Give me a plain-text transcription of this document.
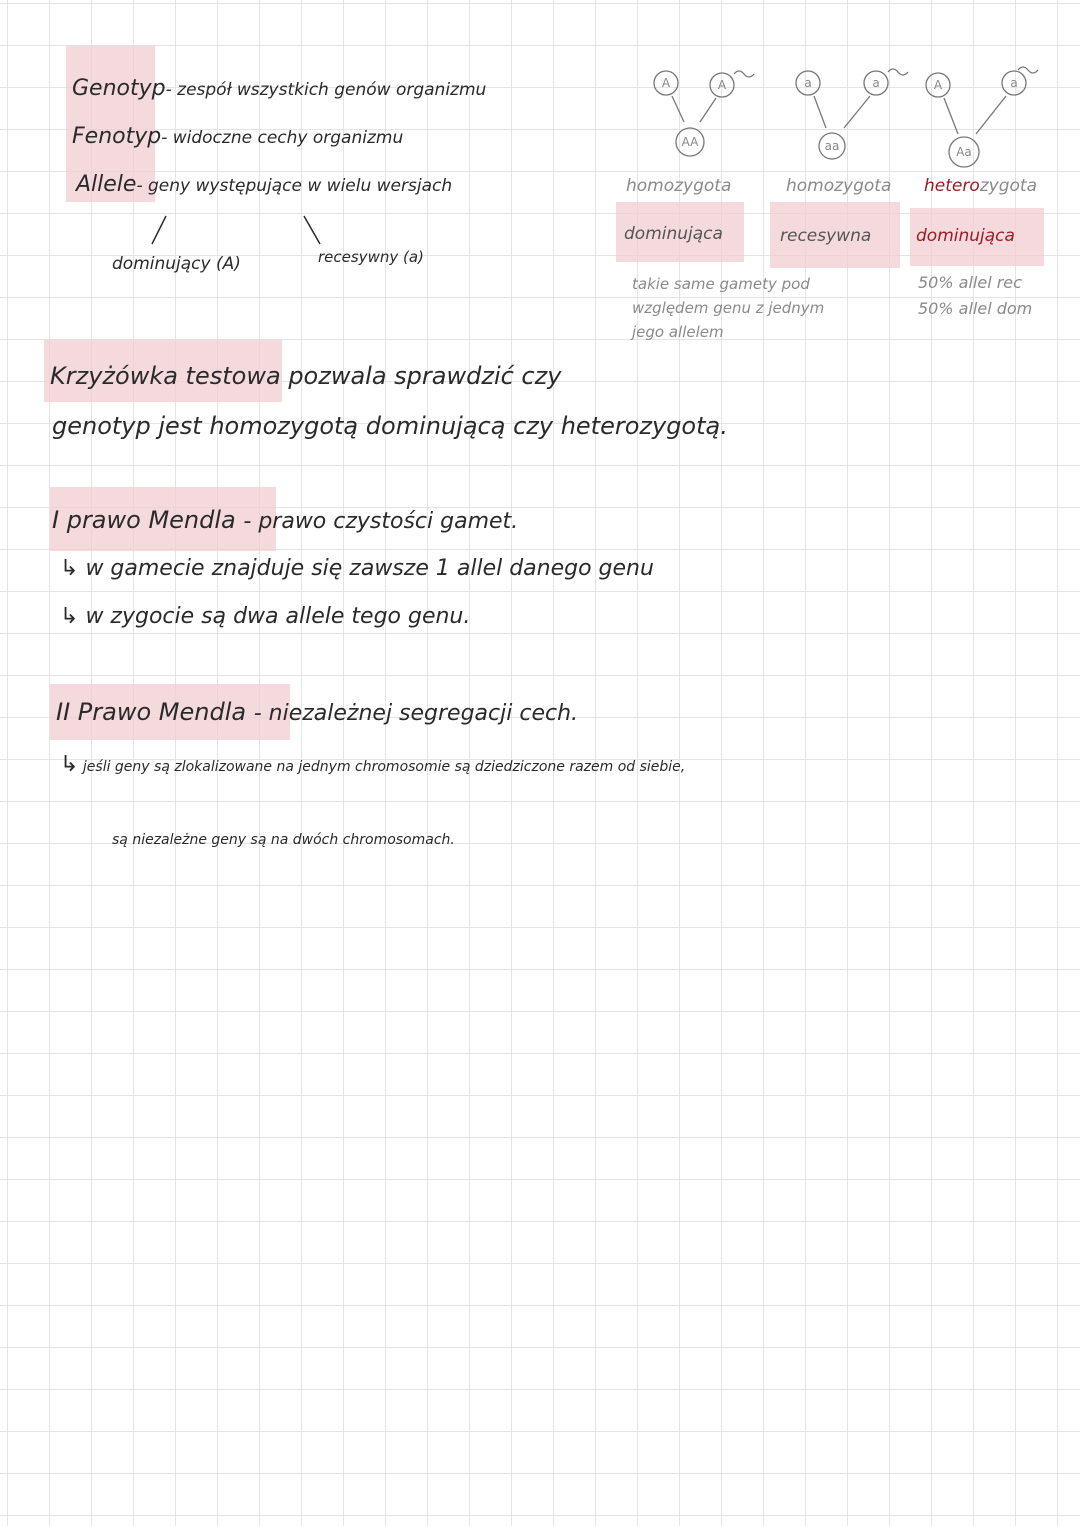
Genotyp- zespół wszystkich genów organizmu
Fenotyp- widoczne cechy organizmu
Allele- geny występujące w wielu wersjach
dominujący (A)	recesywny (a)
A	A
AA
a	a
aa
A	a
Aa
homozygota	homozygota heterozygota
dominująca	recesywna	dominująca
takie same gamety pod
względem genu z jednym
jego allelem
50% allel rec
50% allel dom
Krzyżówka testowa pozwala sprawdzić czy
genotyp jest homozygotą dominującą czy heterozygotą.
I prawo Mendla - prawo czystości gamet.
↳ w gamecie znajduje się zawsze 1 allel danego genu
↳ w zygocie są dwa allele tego genu.
II Prawo Mendla - niezależnej segregacji cech.
↳ jeśli geny są zlokalizowane na jednym chromosomie są dziedziczone razem od siebie,
są niezależne geny są na dwóch chromosomach.
